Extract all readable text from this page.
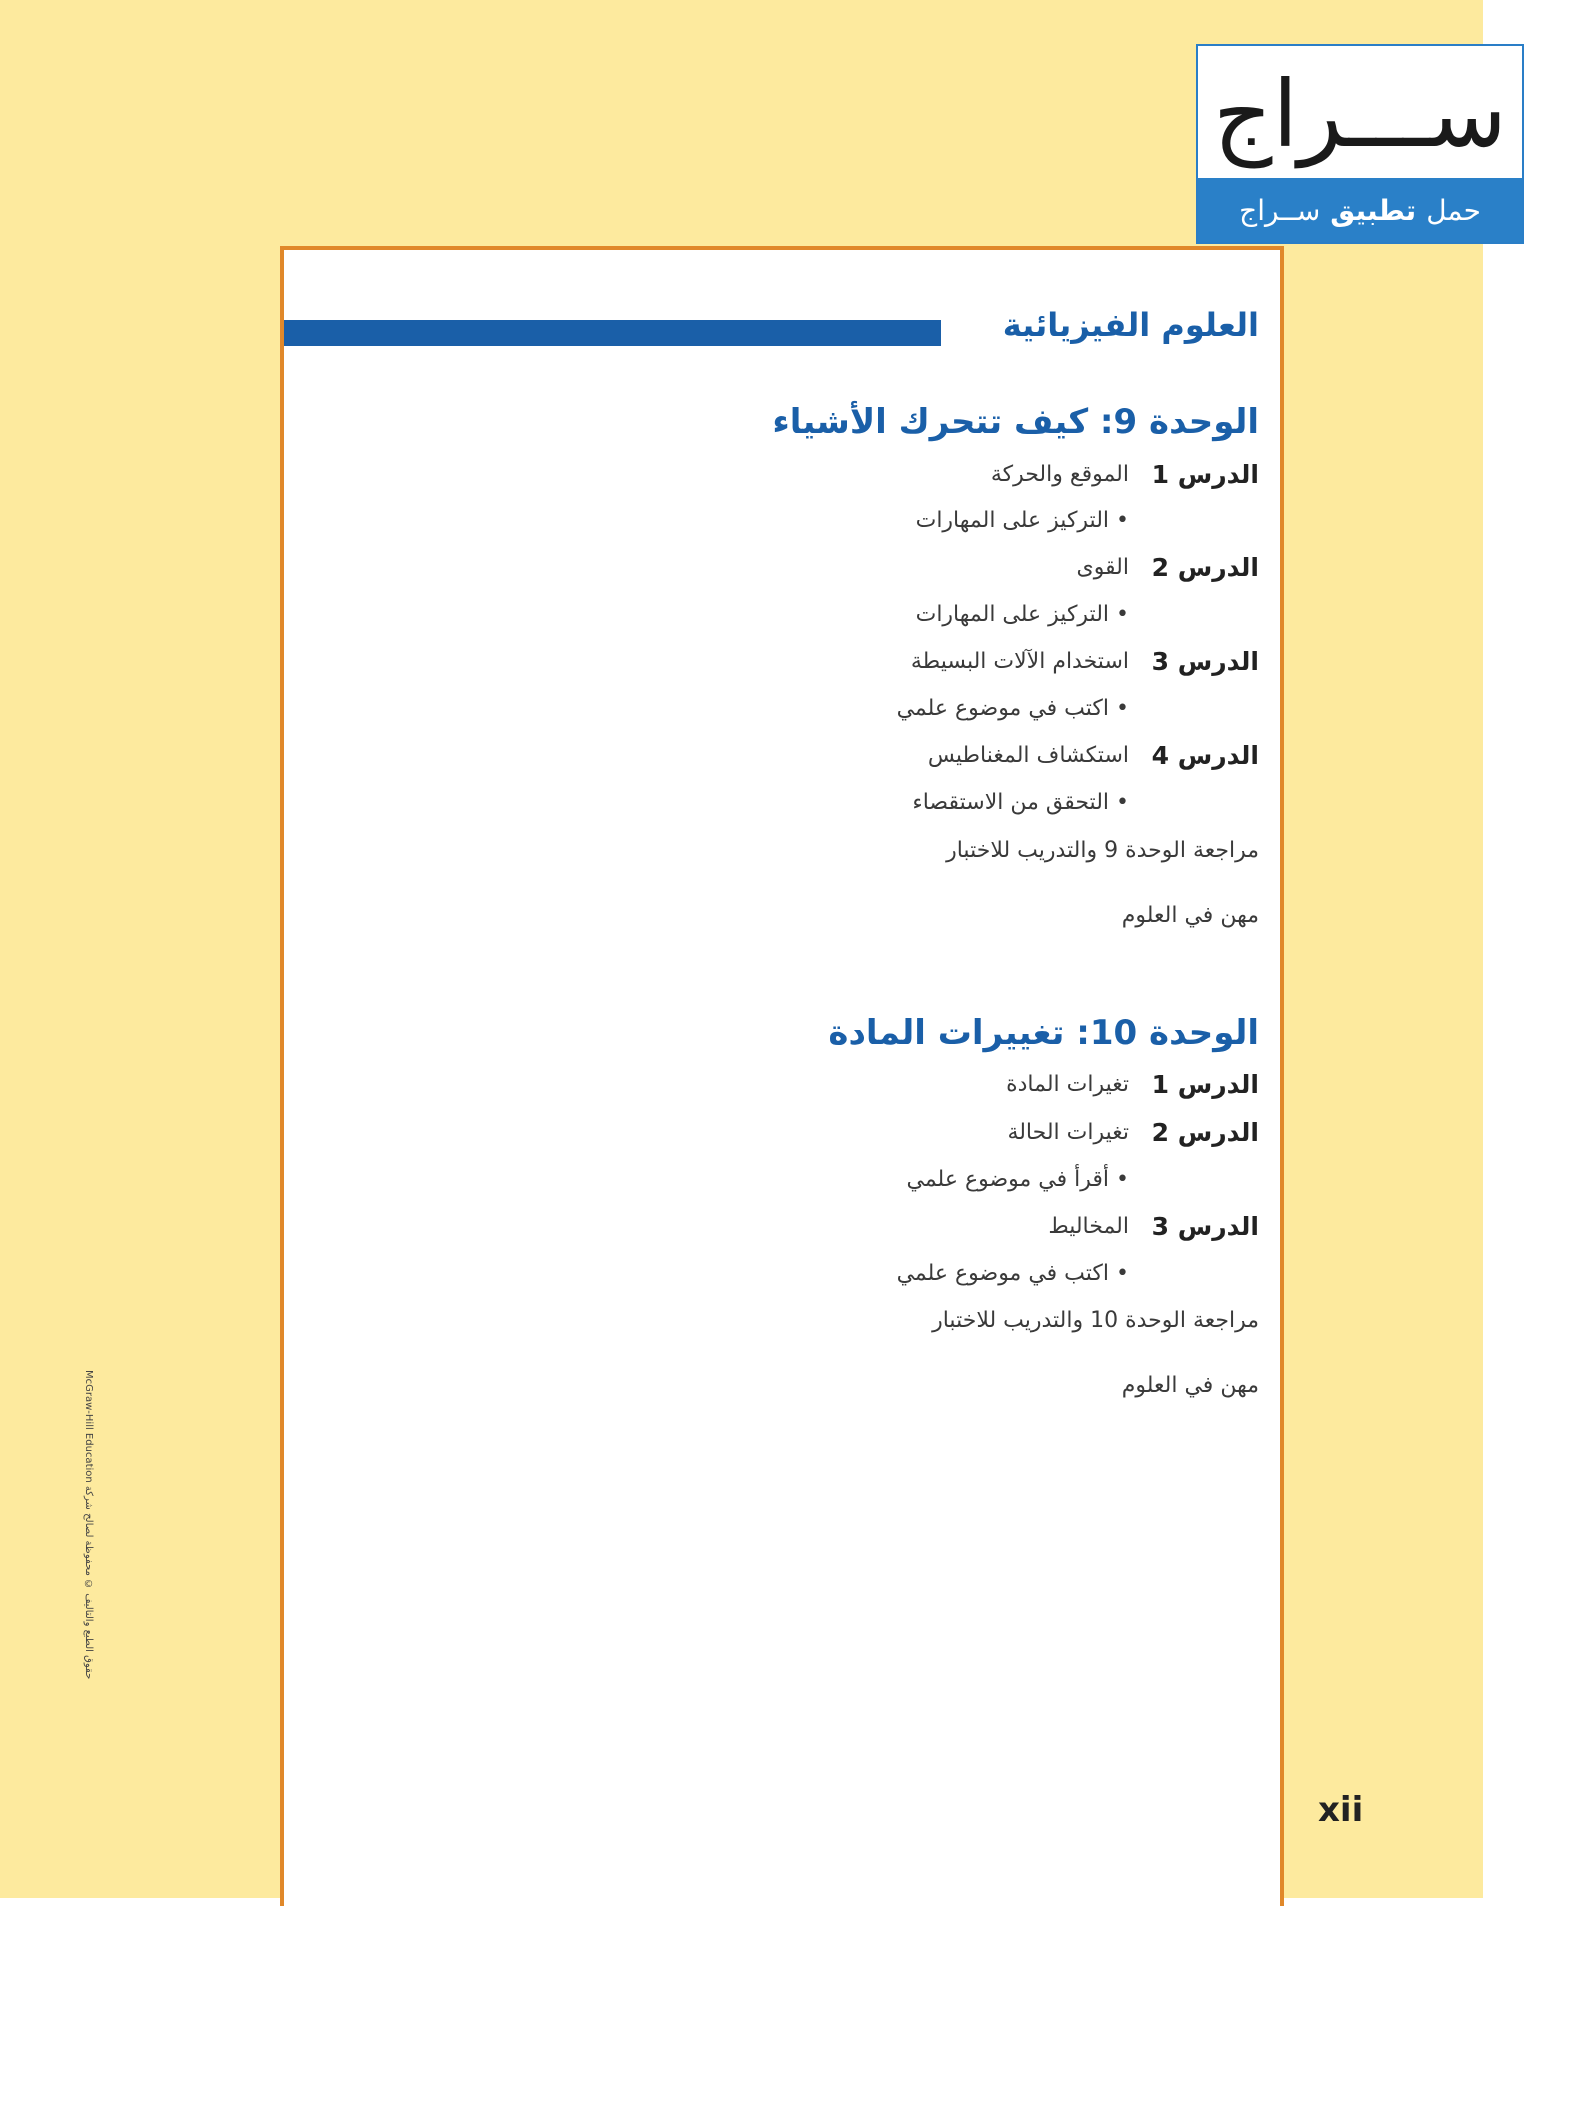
ســـراج
حمل
تطبيق
ســراج
العلوم الفيزيائية
الوحدة 9: كيف تتحرك الأشياء
الدرس 1
الموقع والحركة
• التركيز على المهارات
الدرس 2
القوى
• التركيز على المهارات
الدرس 3
استخدام الآلات البسيطة
• اكتب في موضوع علمي
الدرس 4
استكشاف المغناطيس
• التحقق من الاستقصاء
مراجعة الوحدة 9 والتدريب للاختبار
مهن في العلوم
الوحدة 10: تغييرات المادة
الدرس 1
تغيرات المادة
الدرس 2
تغيرات الحالة
• أقرأ في موضوع علمي
الدرس 3
المخاليط
• اكتب في موضوع علمي
مراجعة الوحدة 10 والتدريب للاختبار
مهن في العلوم
xii
McGraw-Hill Education حقوق الطبع والتأليف © محفوظة لصالح شركة
